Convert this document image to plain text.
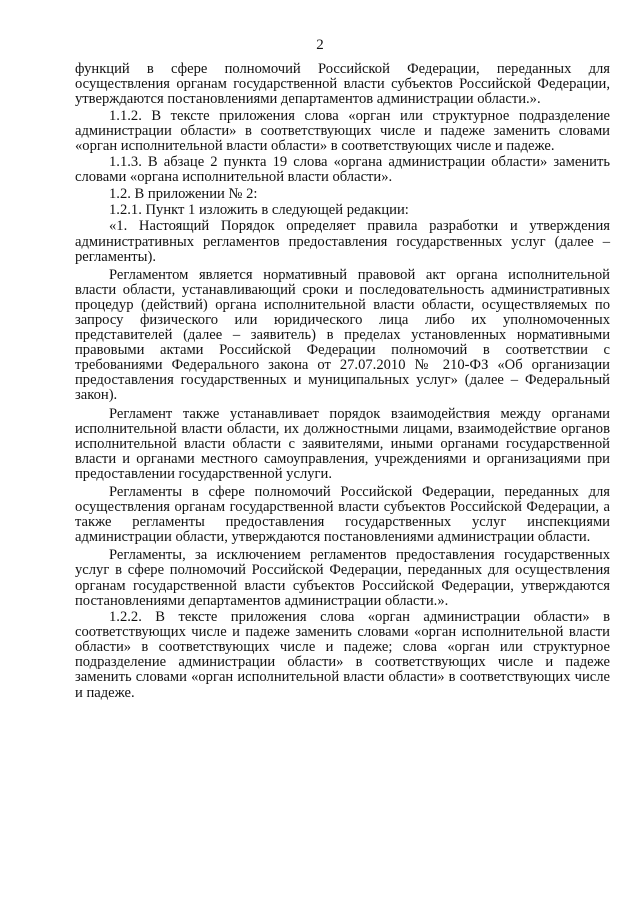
2

функций в сфере полномочий Российской Федерации, переданных для осуществления органам государственной власти субъектов Российской Федерации, утверждаются постановлениями департаментов администрации области.».

1.1.2. В тексте приложения слова «орган или структурное подразделение администрации области» в соответствующих числе и падеже заменить словами «орган исполнительной власти области» в соответствующих числе и падеже.

1.1.3. В абзаце 2 пункта 19 слова «органа администрации области» заменить словами «органа исполнительной власти области».

1.2. В приложении № 2:

1.2.1. Пункт 1 изложить в следующей редакции:

«1. Настоящий Порядок определяет правила разработки и утверждения административных регламентов предоставления государственных услуг (далее – регламенты).

Регламентом является нормативный правовой акт органа исполнительной власти области, устанавливающий сроки и последовательность административных процедур (действий) органа исполнительной власти области, осуществляемых по запросу физического или юридического лица либо их уполномоченных представителей (далее – заявитель) в пределах установленных нормативными правовыми актами Российской Федерации полномочий в соответствии с требованиями Федерального закона от 27.07.2010 № 210-ФЗ «Об организации предоставления государственных и муниципальных услуг» (далее – Федеральный закон).

Регламент также устанавливает порядок взаимодействия между органами исполнительной власти области, их должностными лицами, взаимодействие органов исполнительной власти области с заявителями, иными органами государственной власти и органами местного самоуправления, учреждениями и организациями при предоставлении государственной услуги.

Регламенты в сфере полномочий Российской Федерации, переданных для осуществления органам государственной власти субъектов Российской Федерации, а также регламенты предоставления государственных услуг инспекциями администрации области, утверждаются постановлениями администрации области.

Регламенты, за исключением регламентов предоставления государственных услуг в сфере полномочий Российской Федерации, переданных для осуществления органам государственной власти субъектов Российской Федерации, утверждаются постановлениями департаментов администрации области.».

1.2.2. В тексте приложения слова «орган администрации области» в соответствующих числе и падеже заменить словами «орган исполнительной власти области» в соответствующих числе и падеже; слова «орган или структурное подразделение администрации области» в соответствующих числе и падеже заменить словами «орган исполнительной власти области» в соответствующих числе и падеже.
